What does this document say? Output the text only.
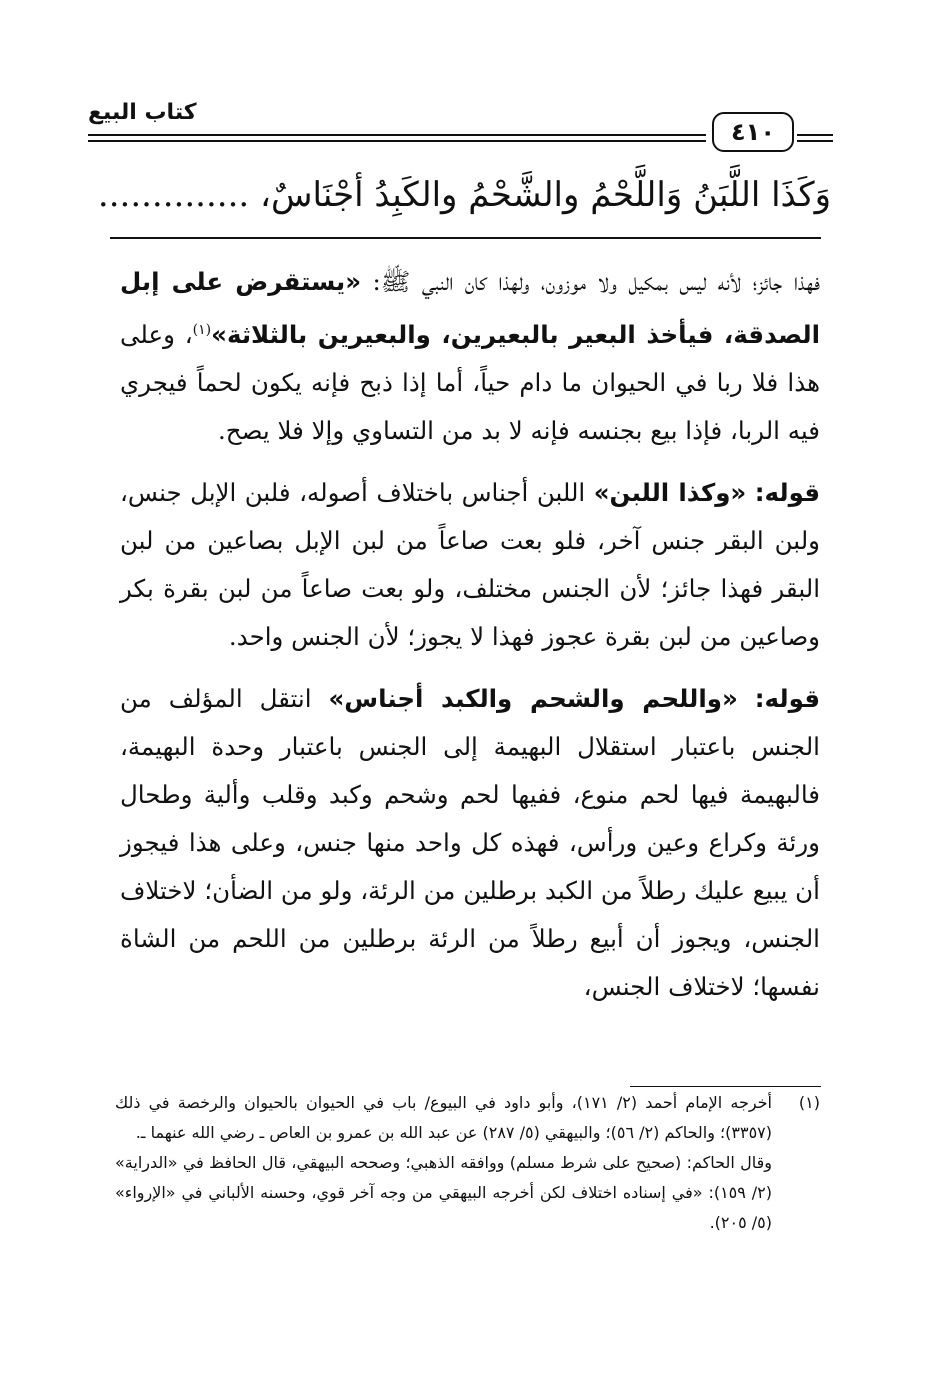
كتاب البيع
٤١٠
وَكَذَا اللَّبَنُ وَاللَّحْمُ والشَّحْمُ والكَبِدُ أجْنَاسٌ، ..............

فهذا جائز؛ لأنه ليس بمكيل ولا موزون، ولهذا كان النبي ﷺ: «يستقرض على إبل الصدقة، فيأخذ البعير بالبعيرين، والبعيرين بالثلاثة»$^{(١)}$، وعلى هذا فلا ربا في الحيوان ما دام حياً، أما إذا ذبح فإنه يكون لحماً فيجري فيه الربا، فإذا بيع بجنسه فإنه لا بد من التساوي وإلا فلا يصح.

قوله: «وكذا اللبن» اللبن أجناس باختلاف أصوله، فلبن الإبل جنس، ولبن البقر جنس آخر، فلو بعت صاعاً من لبن الإبل بصاعين من لبن البقر فهذا جائز؛ لأن الجنس مختلف، ولو بعت صاعاً من لبن بقرة بكر وصاعين من لبن بقرة عجوز فهذا لا يجوز؛ لأن الجنس واحد.

قوله: «واللحم والشحم والكبد أجناس» انتقل المؤلف من الجنس باعتبار استقلال البهيمة إلى الجنس باعتبار وحدة البهيمة، فالبهيمة فيها لحم منوع، ففيها لحم وشحم وكبد وقلب وألية وطحال ورئة وكراع وعين ورأس، فهذه كل واحد منها جنس، وعلى هذا فيجوز أن يبيع عليك رطلاً من الكبد برطلين من الرئة، ولو من الضأن؛ لاختلاف الجنس، ويجوز أن أبيع رطلاً من الرئة برطلين من اللحم من الشاة نفسها؛ لاختلاف الجنس،

(١)

أخرجه الإمام أحمد (٢/ ١٧١)، وأبو داود في البيوع/ باب في الحيوان بالحيوان والرخصة في ذلك (٣٣٥٧)؛ والحاكم (٢/ ٥٦)؛ والبيهقي (٥/ ٢٨٧) عن عبد الله بن عمرو بن العاص ـ رضي الله عنهما ـ.

وقال الحاكم: (صحيح على شرط مسلم) ووافقه الذهبي؛ وصححه البيهقي، قال الحافظ في «الدراية» (٢/ ١٥٩): «في إسناده اختلاف لكن أخرجه البيهقي من وجه آخر قوي، وحسنه الألباني في «الإرواء» (٥/ ٢٠٥).
